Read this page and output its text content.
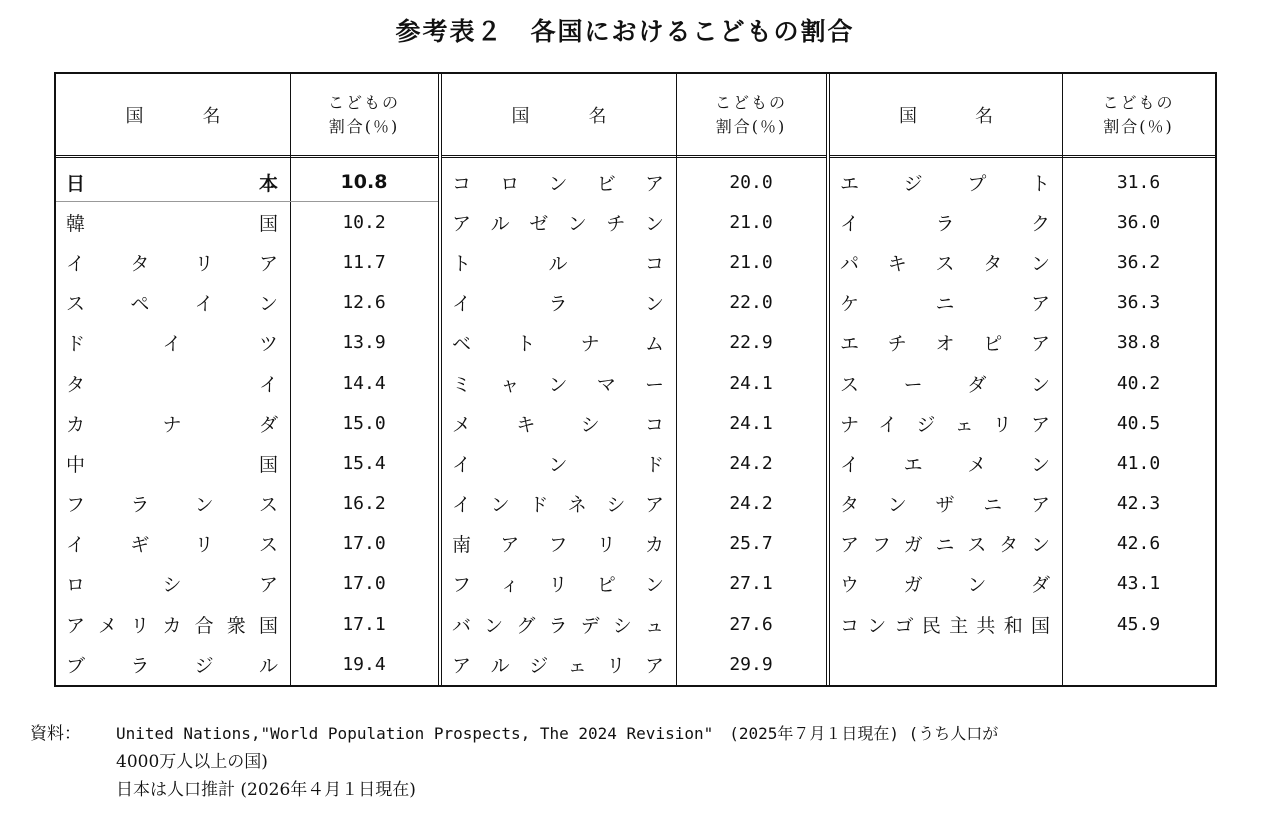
参考表２　各国におけるこどもの割合
国	名
こどもの
割合(％)
日	本	10.8
韓	国	10.2
イ タ リ ア	11.7
ス ペ イ ン	12.6
ド	イ	ツ	13.9
タ	イ	14.4
カ	ナ	ダ	15.0
中	国	15.4
フ ラ ン ス	16.2
イ ギ リ ス	17.0
ロ	シ	ア	17.0
ア メ リ カ 合 衆 国	17.1
ブ ラ ジ ル	19.4
国	名
こどもの
割合(％)
コ ロ ン ビ ア	20.0
ア ル ゼ ン チ ン	21.0
ト	ル	コ	21.0
イ	ラ	ン	22.0
ベ ト ナ ム	22.9
ミ ャ ン マ ー	24.1
メ キ シ コ	24.1
イ	ン	ド	24.2
イ ン ド ネ シ ア	24.2
南 ア フ リ カ	25.7
フ ィ リ ピ ン	27.1
バ ン グ ラ デ シ ュ	27.6
ア ル ジ ェ リ ア	29.9
国	名
こどもの
割合(％)
エ ジ プ ト	31.6
イ	ラ	ク	36.0
パ キ ス タ ン	36.2
ケ	ニ	ア	36.3
エ チ オ ピ ア	38.8
ス ー ダ ン	40.2
ナ イ ジ ェ リ ア	40.5
イ エ メ ン	41.0
タ ン ザ ニ ア	42.3
ア フ ガ ニ ス タ ン	42.6
ウ ガ ン ダ	43.1
コ ン ゴ 民 主 共 和 国	45.9
資料：	United Nations,"World Population Prospects, The 2024 Revision"　(2025年７月１日現在) (うち人口が
4000万人以上の国)
日本は人口推計 (2026年４月１日現在)
